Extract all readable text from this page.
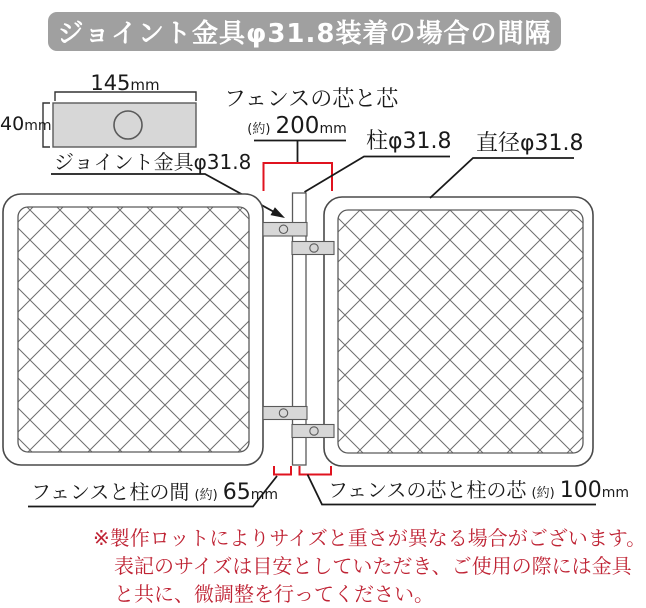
ジョイント金具φ31.8装着の場合の間隔
145mm
40mm
ジョイント金具φ31.8
フェンスの芯と芯
(約) 200mm 柱φ31.8 直径φ31.8
フェンスと柱の間 (約) 65mm フェンスの芯と柱の芯 (約) 100mm
※製作ロットによりサイズと重さが異なる場合がございます。
表記のサイズは目安としていただき、ご使用の際には金具
と共に、微調整を行ってください。
